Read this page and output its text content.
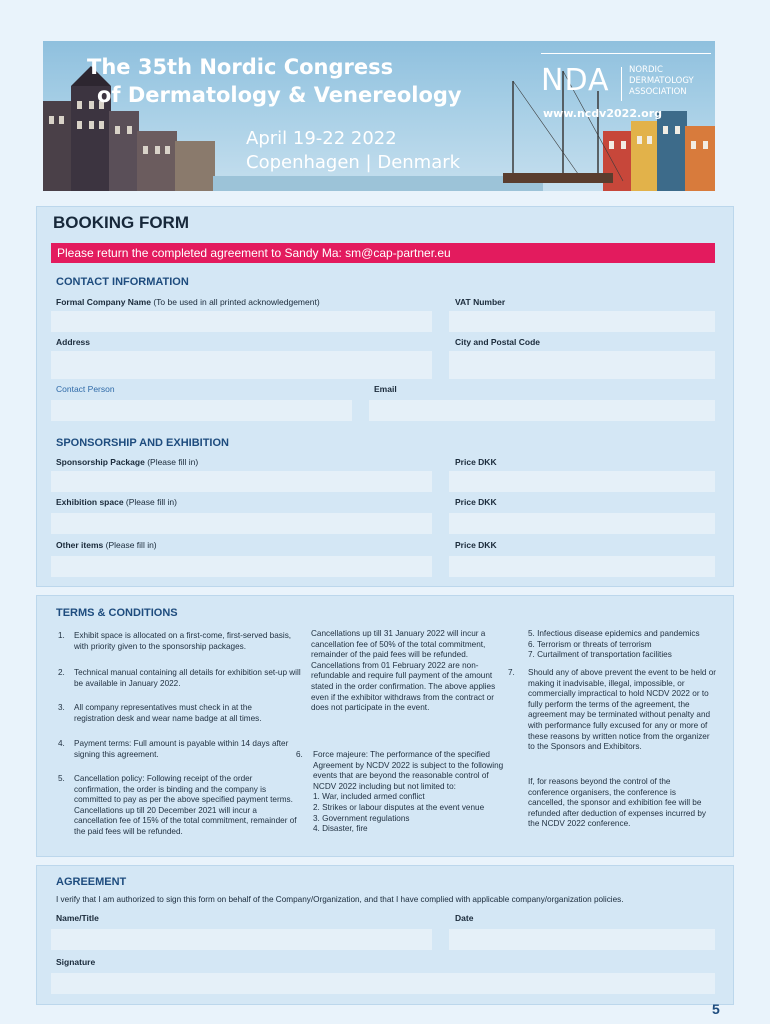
The 35th Nordic Congress
of Dermatology & Venereology
April 19-22 2022
Copenhagen | Denmark
NDA NORDIC
DERMATOLOGY
ASSOCIATION
www.ncdv2022.org
BOOKING FORM
Please return the completed agreement to Sandy Ma: sm@cap-partner.eu
CONTACT INFORMATION
Formal Company Name (To be used in all printed acknowledgement)	VAT Number
Address	City and Postal Code
Contact Person	Email
SPONSORSHIP AND EXHIBITION
Sponsorship Package (Please fill in)	Price DKK
Exhibition space (Please fill in)	Price DKK
Other items (Please fill in)	Price DKK
TERMS & CONDITIONS
1. Exhibit space is allocated on a first-come, first-served basis, with priority given to the sponsorship packages.
2. Technical manual containing all details for exhibition set-up will be available in January 2022.
3. All company representatives must check in at the registration desk and wear name badge at all times.
4. Payment terms: Full amount is payable within 14 days after signing this agreement.
5. Cancellation policy: Following receipt of the order confirmation, the order is binding and the company is committed to pay as per the above specified payment terms.
Cancellations up till 20 December 2021 will incur a cancellation fee of 15% of the total commitment, remainder of the paid fees will be refunded.
Cancellations up till 31 January 2022 will incur a cancellation fee of 50% of the total commitment, remainder of the paid fees will be refunded.
Cancellations from 01 February 2022 are non-refundable and require full payment of the amount stated in the order confirmation. The above applies even if the exhibitor withdraws from the contract or does not participate in the event.
6. Force majeure: The performance of the specified Agreement by NCDV 2022 is subject to the following events that are beyond the reasonable control of NCDV 2022 including but not limited to:
1. War, included armed conflict
2. Strikes or labour disputes at the event venue
3. Government regulations
4. Disaster, fire
5. Infectious disease epidemics and pandemics
6. Terrorism or threats of terrorism
7. Curtailment of transportation facilities
7. Should any of above prevent the event to be held or making it inadvisable, illegal, impossible, or commercially impractical to hold NCDV 2022 or to fully perform the terms of the agreement, the agreement may be terminated without penalty and with performance fully excused for any or more of these reasons by written notice from the organizer to the Sponsors and Exhibitors.
If, for reasons beyond the control of the conference organisers, the conference is cancelled, the sponsor and exhibition fee will be refunded after deduction of expenses incurred by the NCDV 2022 conference.
AGREEMENT
I verify that I am authorized to sign this form on behalf of the Company/Organization, and that I have complied with applicable company/organization policies.
Name/Title	Date
Signature
5
